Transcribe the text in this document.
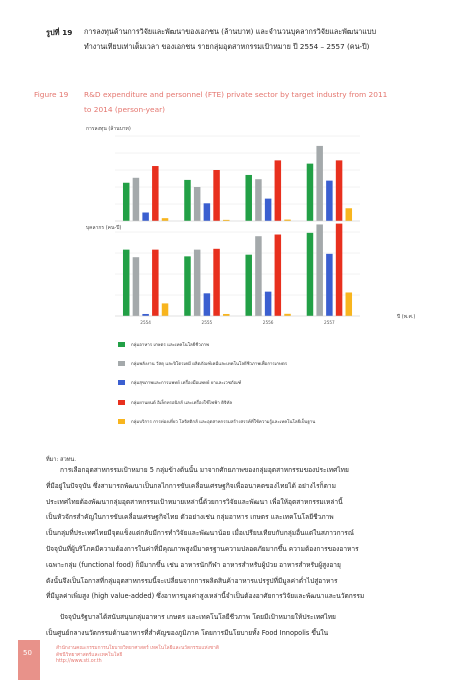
รูปที่ 19 การลงทุนด้านการวิจัยและพัฒนาของเอกชน (ล้านบาท) และจำนวนบุคลากรวิจัยและพัฒนาแบบ
ทำงานเทียบเท่าเต็มเวลา ของเอกชน รายกลุ่มอุตสาหกรรมเป้าหมาย ปี 2554 – 2557 (คน-ปี)
Figure 19 R&D expenditure and personnel (FTE) private sector by target industry from 2011
to 2014 (person-year)
การลงทุน (ล้านบาท)
บุคลากร (คน-ปี)
ปี (พ.ศ.)
2554	2555	2556	2557
กลุ่มอาหาร เกษตร และเทคโนโลยีชีวภาพ
กลุ่มพลังงาน วัสดุ และปิโตรเคมี ผลิตภัณฑ์เคมีและเทคโนโลยีชีวภาพเพื่อการเกษตร
กลุ่มสุขภาพและการแพทย์ เครื่องมือแพทย์ ยาและเวชภัณฑ์
กลุ่มยานยนต์ อิเล็กทรอนิกส์ และเครื่องใช้ไฟฟ้า ดิจิทัล
กลุ่มบริการ การท่องเที่ยว โลจิสติกส์ และอุตสาหกรรมสร้างสรรค์ที่ใช้ความรู้และเทคโนโลยีเป็นฐาน
ที่มา: สวทน.
การเลือกอุตสาหกรรมเป้าหมาย 5 กลุ่มข้างต้นนั้น มาจากศักยภาพของกลุ่มอุตสาหกรรมของประเทศไทย
ที่มีอยู่ในปัจจุบัน ซึ่งสามารถพัฒนาเป็นกลไกการขับเคลื่อนเศรษฐกิจเพื่ออนาคตของไทยได้ อย่างไรก็ตาม
ประเทศไทยต้องพัฒนากลุ่มอุตสาหกรรมเป้าหมายเหล่านี้ด้วยการวิจัยและพัฒนา เพื่อให้อุตสาหกรรมเหล่านี้
เป็นหัวจักรสำคัญในการขับเคลื่อนเศรษฐกิจไทย ตัวอย่างเช่น กลุ่มอาหาร เกษตร และเทคโนโลยีชีวภาพ
เป็นกลุ่มที่ประเทศไทยมีจุดแข็งแต่กลับมีการทำวิจัยและพัฒนาน้อย เมื่อเปรียบเทียบกับกลุ่มอื่นแต่ในสภาวการณ์
ปัจจุบันที่ผู้บริโภคมีความต้องการในค่าที่มีคุณภาพสูงมีมาตรฐานความปลอดภัยมากขึ้น ความต้องการของอาหาร
เฉพาะกลุ่ม (functional food) ก็มีมากขึ้น เช่น อาหารนักกีฬา อาหารสำหรับผู้ป่วย อาหารสำหรับผู้สูงอายุ
ดังนั้นจึงเป็นโอกาสที่กลุ่มอุตสาหกรรมนี้จะเปลี่ยนจากการผลิตสินค้าอาหารแปรรูปที่มีมูลค่าต่ำไปสู่อาหาร
ที่มีมูลค่าเพิ่มสูง (high value-added) ซึ่งอาหารมูลค่าสูงเหล่านี้จำเป็นต้องอาศัยการวิจัยและพัฒนาและนวัตกรรม
ปัจจุบันรัฐบาลได้สนับสนุนกลุ่มอาหาร เกษตร และเทคโนโลยีชีวภาพ โดยมีเป้าหมายให้ประเทศไทย
เป็นศูนย์กลางนวัตกรรมด้านอาหารที่สำคัญของภูมิภาค โดยการมีนโยบายทั้ง Food Innopolis ขึ้นใน
50
สำนักงานคณะกรรมการนโยบายวิทยาศาสตร์ เทคโนโลยีและนวัตกรรมแห่งชาติ
ดัชนีวิทยาศาสตร์และเทคโนโลยี
http://www.sti.or.th
